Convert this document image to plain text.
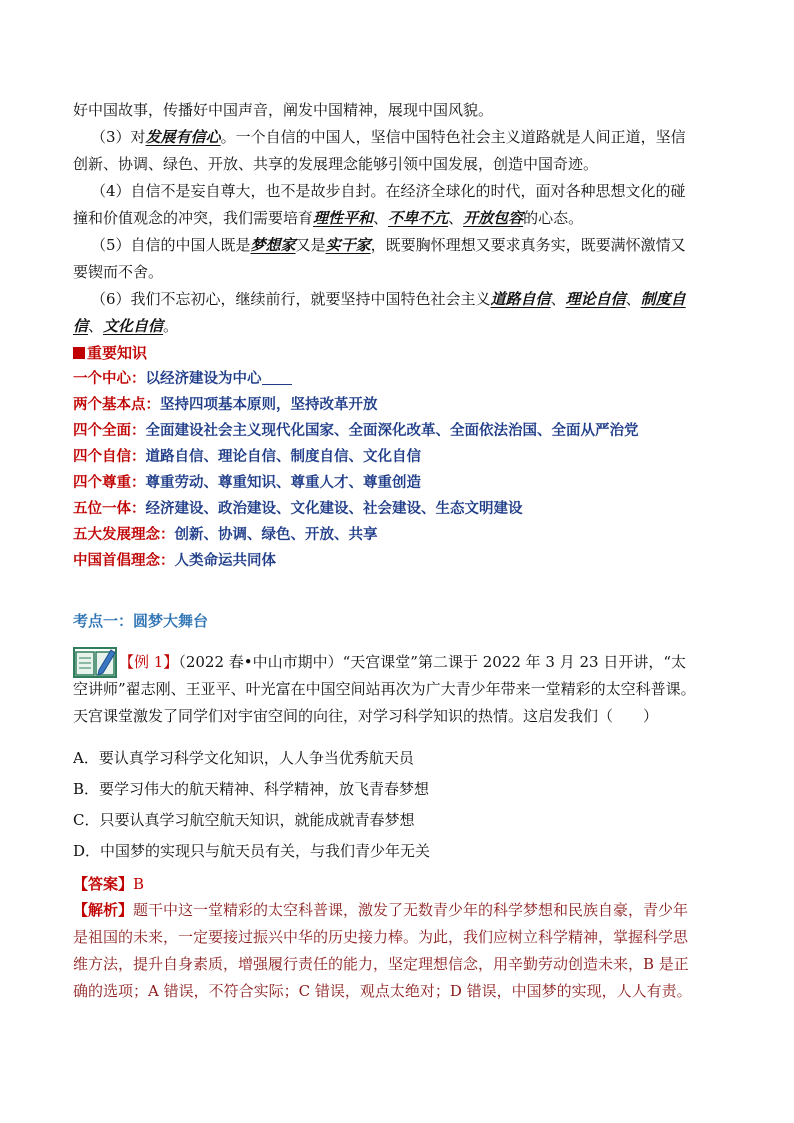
好中国故事，传播好中国声音，阐发中国精神，展现中国风貌。
（3）对发展有信心。一个自信的中国人，坚信中国特色社会主义道路就是人间正道，坚信
创新、协调、绿色、开放、共享的发展理念能够引领中国发展，创造中国奇迹。
（4）自信不是妄自尊大，也不是故步自封。在经济全球化的时代，面对各种思想文化的碰
撞和价值观念的冲突，我们需要培育理性平和、不卑不亢、开放包容的心态。
（5）自信的中国人既是梦想家又是实干家，既要胸怀理想又要求真务实，既要满怀激情又
要锲而不舍。
（6）我们不忘初心，继续前行，就要坚持中国特色社会主义道路自信、理论自信、制度自
信、文化自信。
重要知识
一个中心：以经济建设为中心
两个基本点：坚持四项基本原则，坚持改革开放
四个全面：全面建设社会主义现代化国家、全面深化改革、全面依法治国、全面从严治党
四个自信：道路自信、理论自信、制度自信、文化自信
四个尊重：尊重劳动、尊重知识、尊重人才、尊重创造
五位一体：经济建设、政治建设、文化建设、社会建设、生态文明建设
五大发展理念：创新、协调、绿色、开放、共享
中国首倡理念：人类命运共同体
考点一：圆梦大舞台
【例 1】（2022 春•中山市期中）“天宫课堂”第二课于 2022 年 3 月 23 日开讲，“太
空讲师”翟志刚、王亚平、叶光富在中国空间站再次为广大青少年带来一堂精彩的太空科普课。
天宫课堂激发了同学们对宇宙空间的向往，对学习科学知识的热情。这启发我们（　　）
A．要认真学习科学文化知识，人人争当优秀航天员
B．要学习伟大的航天精神、科学精神，放飞青春梦想
C．只要认真学习航空航天知识，就能成就青春梦想
D．中国梦的实现只与航天员有关，与我们青少年无关
【答案】B
【解析】题干中这一堂精彩的太空科普课，激发了无数青少年的科学梦想和民族自豪，青少年
是祖国的未来，一定要接过振兴中华的历史接力棒。为此，我们应树立科学精神，掌握科学思
维方法，提升自身素质，增强履行责任的能力，坚定理想信念，用辛勤劳动创造未来，B 是正
确的选项；A 错误，不符合实际；C 错误，观点太绝对；D 错误，中国梦的实现，人人有责。
